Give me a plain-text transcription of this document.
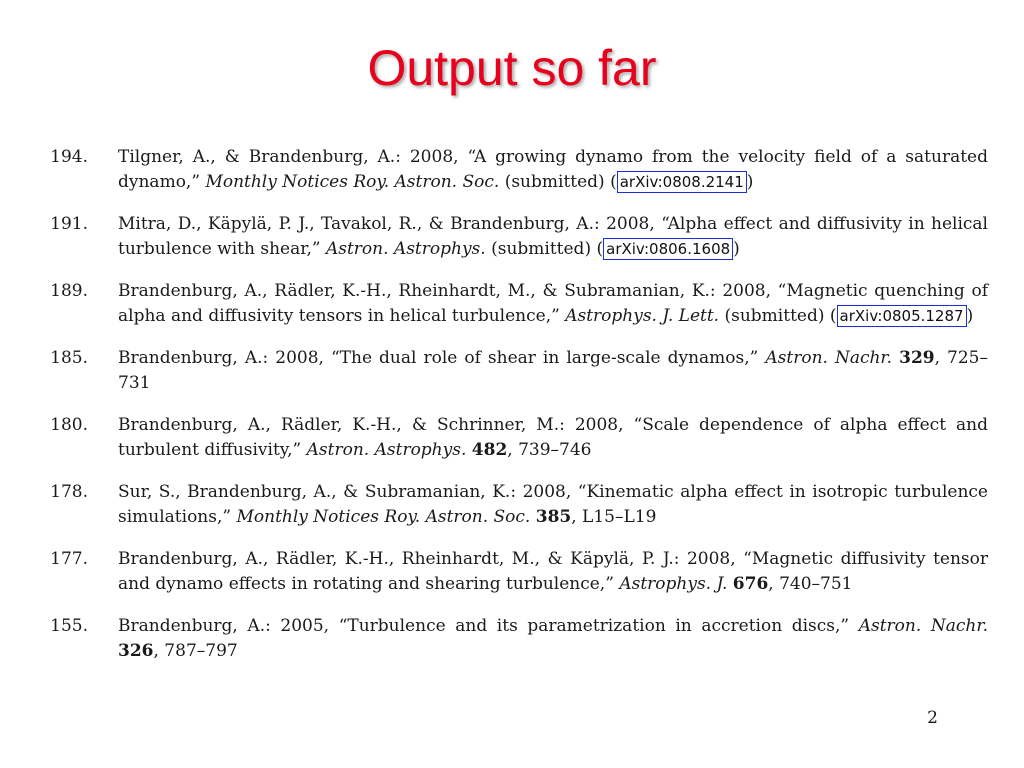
Output so far
194.	Tilgner, A., & Brandenburg, A.: 2008, “A growing dynamo from the velocity field of a saturated dynamo,” Monthly Notices Roy. Astron. Soc. (submitted) ( arXiv:0808.2141 )
191.	Mitra, D., Käpylä, P. J., Tavakol, R., & Brandenburg, A.: 2008, “Alpha effect and diffusivity in helical turbulence with shear,” Astron. Astrophys. (submitted) ( arXiv:0806.1608 )
189.	Brandenburg, A., Rädler, K.-H., Rheinhardt, M., & Subramanian, K.: 2008, “Magnetic quenching of alpha and diffusivity tensors in helical turbulence,” Astrophys. J. Lett. (submitted) ( arXiv:0805.1287 )
185.	Brandenburg, A.: 2008, “The dual role of shear in large-scale dynamos,” Astron. Nachr. 329, 725–731
180.	Brandenburg, A., Rädler, K.-H., & Schrinner, M.: 2008, “Scale dependence of alpha effect and turbulent diffusivity,” Astron. Astrophys. 482, 739–746
178.	Sur, S., Brandenburg, A., & Subramanian, K.: 2008, “Kinematic alpha effect in isotropic turbulence simulations,” Monthly Notices Roy. Astron. Soc. 385, L15–L19
177.	Brandenburg, A., Rädler, K.-H., Rheinhardt, M., & Käpylä, P. J.: 2008, “Magnetic diffusivity tensor and dynamo effects in rotating and shearing turbulence,” Astrophys. J. 676, 740–751
155.	Brandenburg, A.: 2005, “Turbulence and its parametrization in accretion discs,” Astron. Nachr. 326, 787–797
2
